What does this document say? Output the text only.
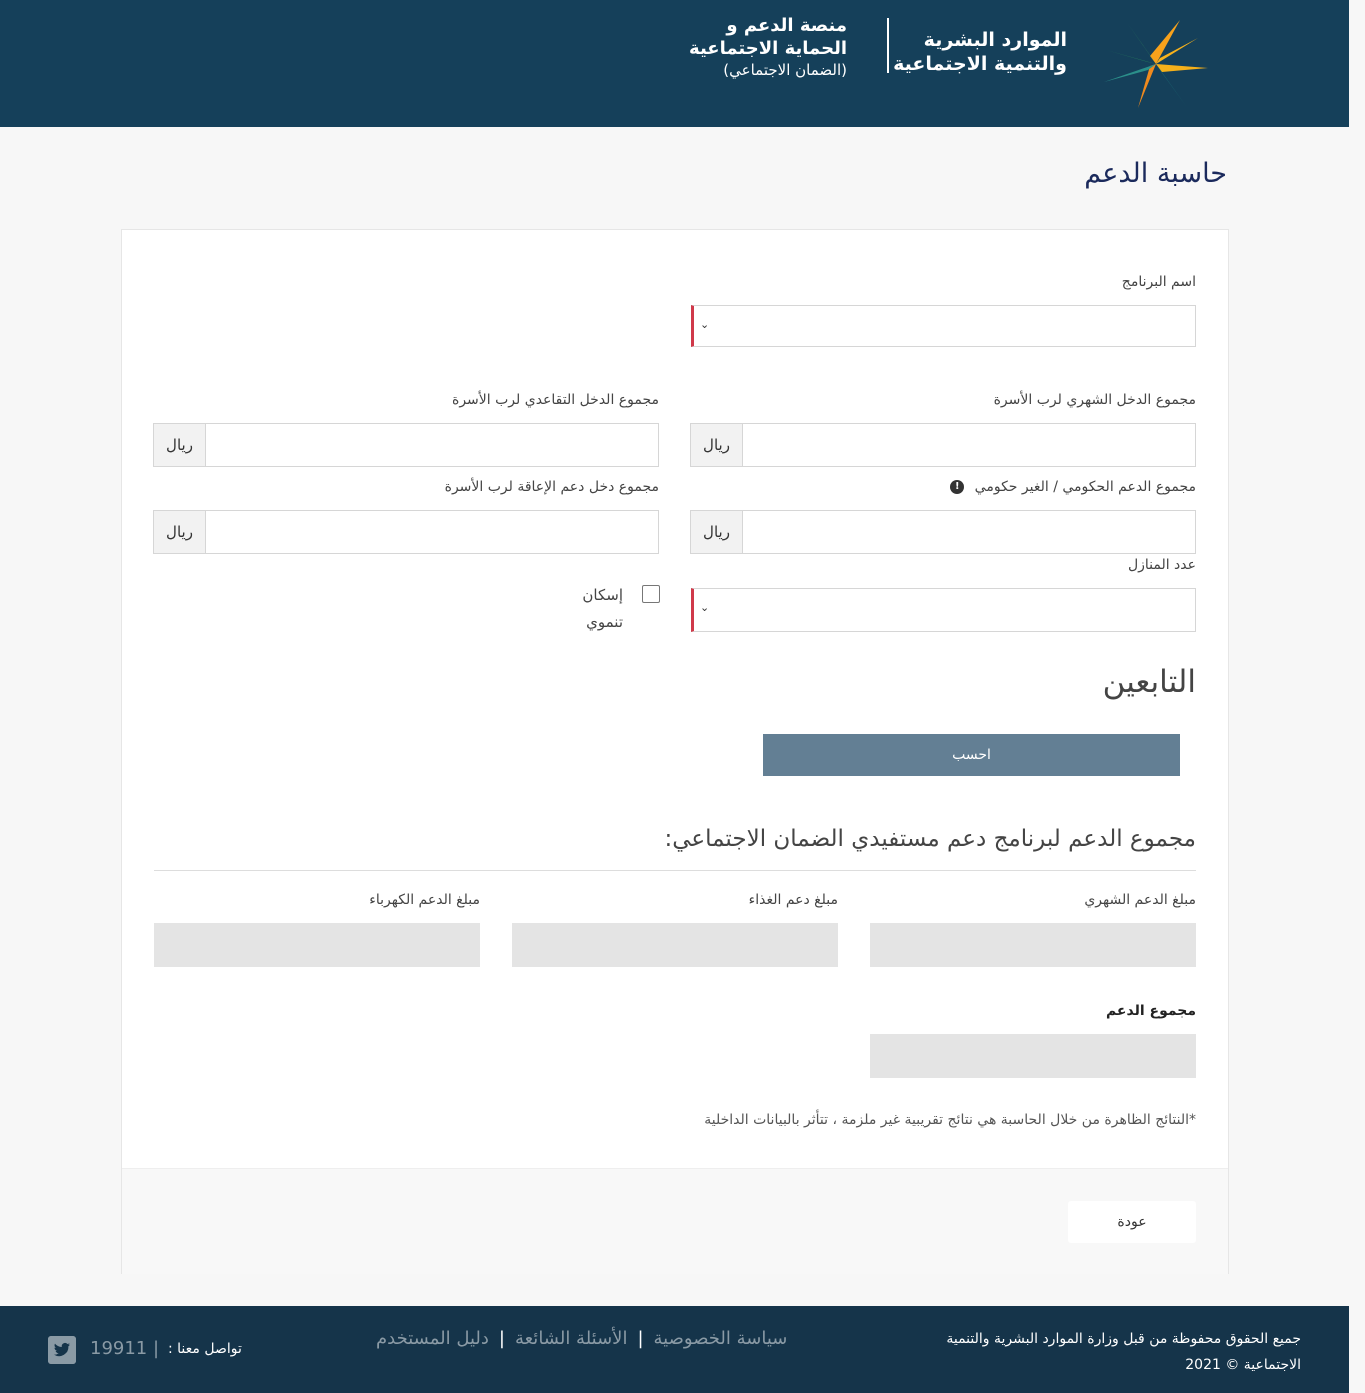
الموارد البشرية
والتنمية الاجتماعية
منصة الدعم و
الحماية الاجتماعية
(الضمان الاجتماعي)
حاسبة الدعم
اسم البرنامج
⌄
مجموع الدخل الشهري لرب الأسرة
ريال
مجموع الدخل التقاعدي لرب الأسرة
ريال
مجموع الدعم الحكومي / الغير حكومي !
ريال
مجموع دخل دعم الإعاقة لرب الأسرة
ريال
عدد المنازل
⌄
إسكان
تنموي
التابعين
احسب
مجموع الدعم لبرنامج دعم مستفيدي الضمان الاجتماعي:
مبلغ الدعم الشهري
مبلغ دعم الغذاء
مبلغ الدعم الكهرباء
مجموع الدعم
*النتائج الظاهرة من خلال الحاسبة هي نتائج تقريبية غير ملزمة ، تتأثر بالبيانات الداخلية
عودة
جميع الحقوق محفوظة من قبل وزارة الموارد البشرية والتنمية
الاجتماعية © 2021
سياسة الخصوصية|الأسئلة الشائعة|دليل المستخدم
19911 | تواصل معنا :
